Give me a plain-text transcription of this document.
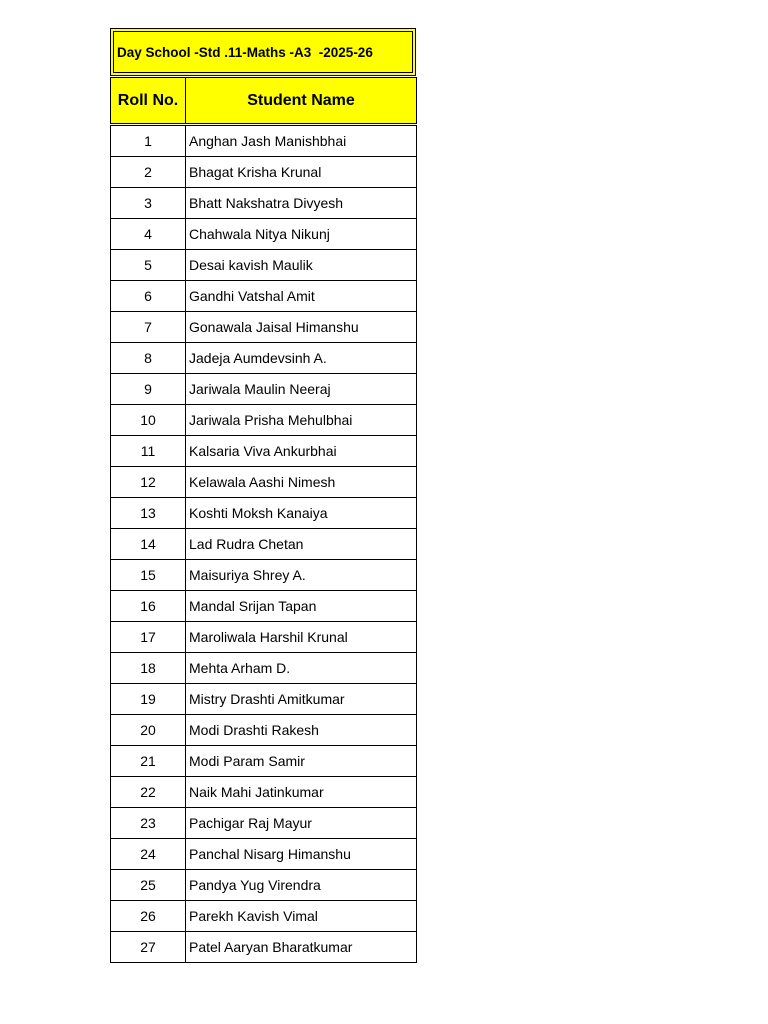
Day School -Std .11-Maths -A3  -2025-26
Roll No.	Student Name

1	Anghan Jash Manishbhai
2	Bhagat Krisha Krunal
3	Bhatt Nakshatra Divyesh
4	Chahwala Nitya Nikunj
5	Desai kavish Maulik
6	Gandhi Vatshal Amit
7	Gonawala Jaisal Himanshu
8	Jadeja Aumdevsinh A.
9	Jariwala Maulin Neeraj
10	Jariwala Prisha Mehulbhai
11	Kalsaria Viva Ankurbhai
12	Kelawala Aashi Nimesh
13	Koshti Moksh Kanaiya
14	Lad Rudra Chetan
15	Maisuriya Shrey A.
16	Mandal Srijan Tapan
17	Maroliwala Harshil Krunal
18	Mehta Arham D.
19	Mistry Drashti Amitkumar
20	Modi Drashti Rakesh
21	Modi Param Samir
22	Naik Mahi Jatinkumar
23	Pachigar Raj Mayur
24	Panchal Nisarg Himanshu
25	Pandya Yug Virendra
26	Parekh Kavish Vimal
27	Patel Aaryan Bharatkumar
